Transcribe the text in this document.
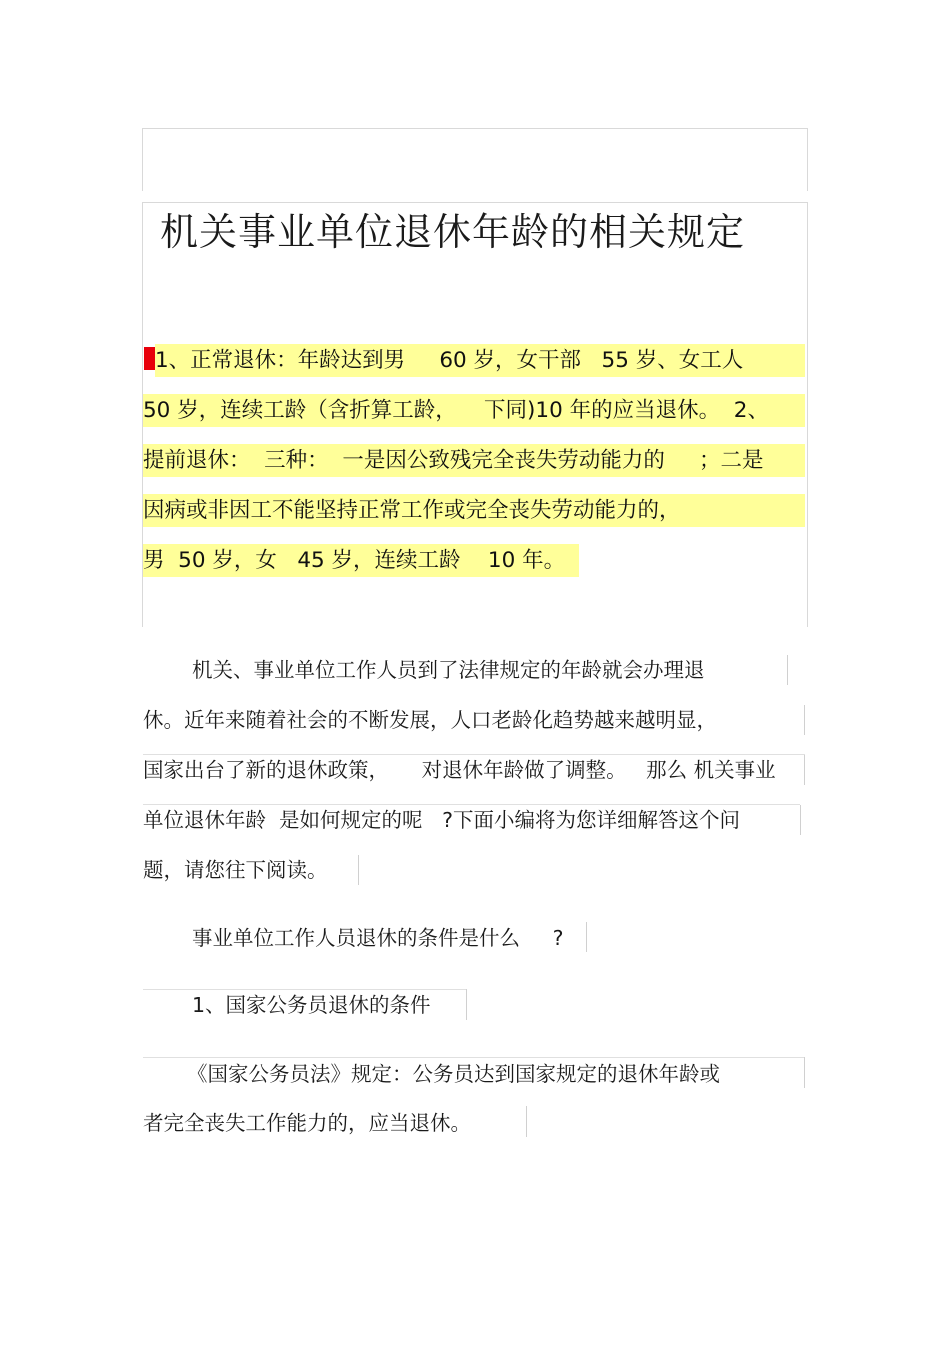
机关事业单位退休年龄的相关规定
1、正常退休：年龄达到男     60 岁，女干部   55 岁、女工人
50 岁，连续工龄（含折算工龄，    下同)10 年的应当退休。  2、
提前退休：  三种：  一是因公致残完全丧失劳动能力的     ；二是
因病或非因工不能坚持正常工作或完全丧失劳动能力的，
男  50 岁，女   45 岁，连续工龄    10 年。
机关、事业单位工作人员到了法律规定的年龄就会办理退
休。近年来随着社会的不断发展，人口老龄化趋势越来越明显，
国家出台了新的退休政策，     对退休年龄做了调整。   那么 机关事业
单位退休年龄  是如何规定的呢   ?下面小编将为您详细解答这个问
题，请您往下阅读。
事业单位工作人员退休的条件是什么     ?
1、国家公务员退休的条件
《国家公务员法》规定：公务员达到国家规定的退休年龄或
者完全丧失工作能力的，应当退休。
